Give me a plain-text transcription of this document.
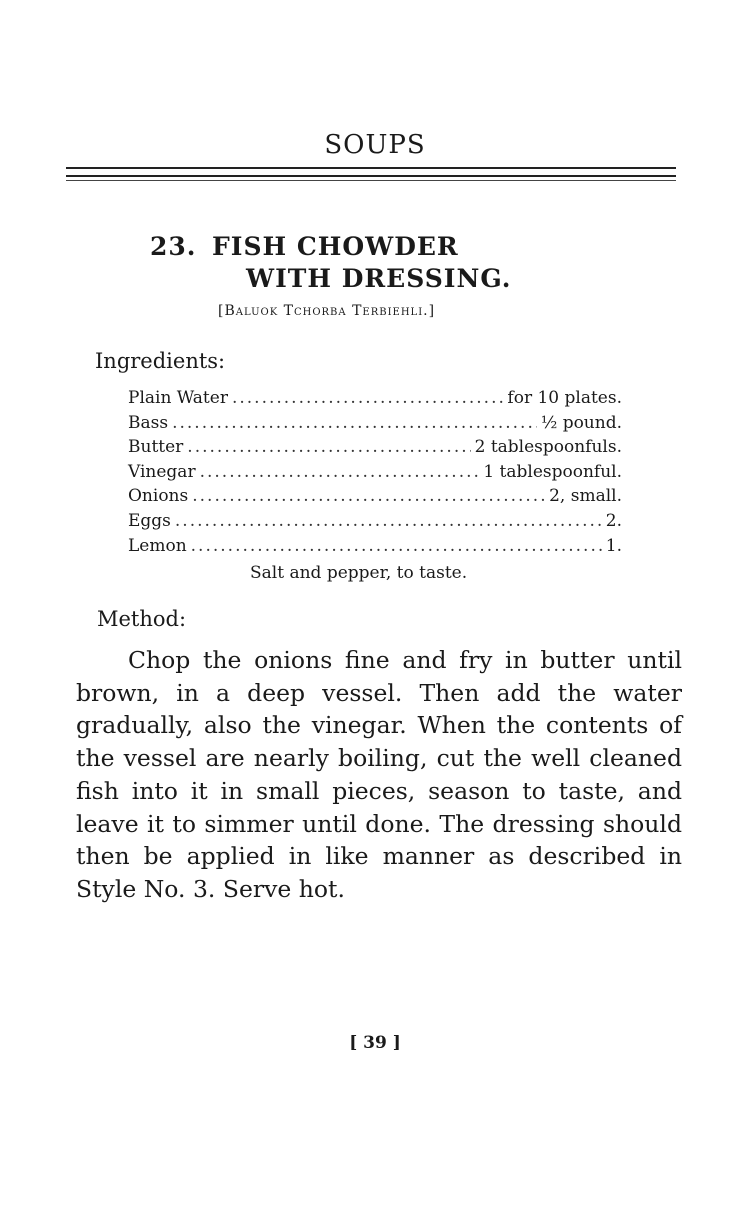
SOUPS
23. FISH CHOWDER
WITH DRESSING.
[Baluok Tchorba Terbiehli.]
Ingredients:
Plain Water .....	for 10 plates.
Bass .....	½ pound.
Butter .....	2 tablespoonfuls.
Vinegar .....	1 tablespoonful.
Onions .....	2, small.
Eggs .....	2.
Lemon .....	1.
Salt and pepper, to taste.
Method:
Chop the onions fine and fry in butter until brown, in a deep vessel. Then add the water gradually, also the vinegar. When the contents of the vessel are nearly boiling, cut the well cleaned fish into it in small pieces, season to taste, and leave it to simmer until done. The dressing should then be applied in like manner as described in Style No. 3. Serve hot.
[ 39 ]
